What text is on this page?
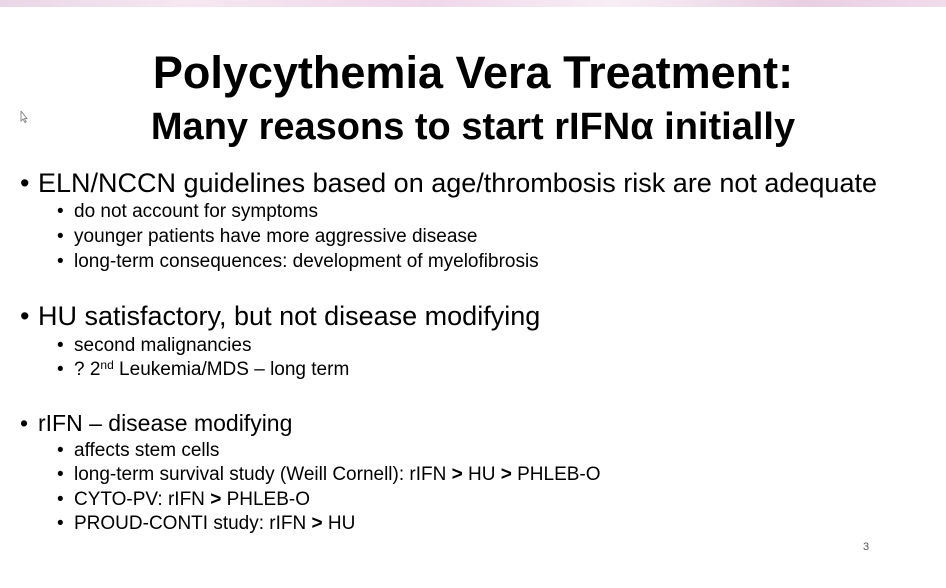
Polycythemia Vera Treatment:
Many reasons to start rIFNα initially
• ELN/NCCN guidelines based on age/thrombosis risk are not adequate
• do not account for symptoms
• younger patients have more aggressive disease
• long-term consequences: development of myelofibrosis
• HU satisfactory, but not disease modifying
• second malignancies
• ? 2nd Leukemia/MDS – long term
• rIFN – disease modifying
• affects stem cells
• long-term survival study (Weill Cornell): rIFN > HU > PHLEB-O
• CYTO-PV: rIFN > PHLEB-O
• PROUD-CONTI study: rIFN > HU
3
